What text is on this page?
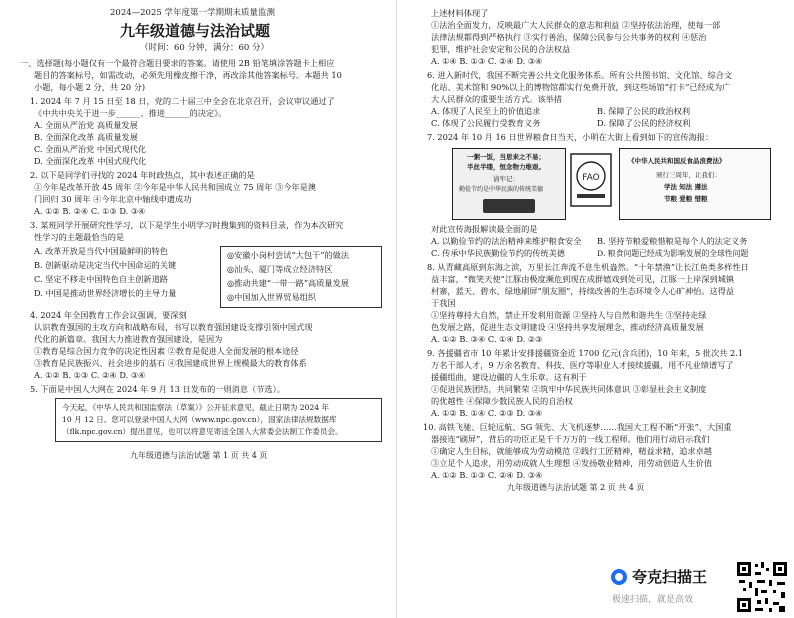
2024—2025 学年度第一学期期末质量监测
九年级道德与法治试题
（时间：60 分钟，满分：60 分）
一、选择题(每小题仅有一个最符合题目要求的答案。请使用 2B 铅笔填涂答题卡上相应
题目的答案标号，如需改动，必须先用橡皮擦干净，再改涂其他答案标号。本题共 10
小题，每小题 2 分，共 20 分)
1. 2024 年 7 月 15 日至 18 日，党的二十届三中全会在北京召开，会议审议通过了
《中共中央关于进一步______、推进______的决定》。
A. 全面从严治党 高质量发展
B. 全面深化改革 高质量发展
C. 全面从严治党 中国式现代化
D. 全面深化改革 中国式现代化
2. 以下是同学们寻找的 2024 年时政热点，其中表述正确的是
①今年是改革开放 45 周年 ②今年是中华人民共和国成立 75 周年 ③今年是澳
门回归 30 周年 ④今年北京中轴线申遗成功
A. ①② B. ②④ C. ①③ D. ③④
3. 某班同学开展研究性学习，以下是学生小明学习时搜集到的资料目录，作为本次研究
性学习的主题最恰当的是
A. 改革开放是当代中国最鲜明的特色
B. 创新驱动是决定当代中国命运的关键
C. 坚定不移走中国特色自主创新道路
D. 中国是推动世界经济增长的主导力量
◎安徽小岗村尝试“大包干”的做法
◎汕头、厦门等成立经济特区
◎推动共建“一带一路”高质量发展
◎中国加入世界贸易组织
4. 2024 年全国教育工作会议强调，要深刻
认识教育强国的主攻方向和战略布局，书写以教育强国建设支撑引领中国式现
代化的新篇章。我国大力推进教育强国建设，是因为
①教育是综合国力竞争的决定性因素 ②教育是促进人全面发展的根本途径
③教育是民族振兴、社会进步的基石 ④我国建成世界上规模最大的教育体系
A. ①② B. ①③ C. ②④ D. ③④
5. 下面是中国人大网在 2024 年 9 月 13 日发布的一则消息（节选）。
今天起，《中华人民共和国监察法（草案）》公开征求意见，截止日期为 2024 年
10 月 12 日。您可以登录中国人大网（www.npc.gov.cn），国家法律法规数据库
（flk.npc.gov.cn）提出意见，也可以将意见寄送全国人大常委会法制工作委员会。
九年级道德与法治试题 第 1 页 共 4 页
上述材料体现了
①法治全面发力，反映最广大人民群众的意志和利益 ②坚持依法治理，使每一部
法律法规都得到严格执行 ③实行善治，保障公民参与公共事务的权利 ④惩治
犯罪，维护社会安定和公民的合法权益
A. ①④ B. ①③ C. ②④ D. ③④
6. 进入新时代，我国不断完善公共文化服务体系。所有公共图书馆、文化馆、综合文
化站、美术馆和 90%以上的博物馆都实行免费开放，到这些场馆“打卡”已经成为广
大人民群众的重要生活方式。该举措
A. 体现了人民至上的价值追求	B. 保障了公民的政治权利
C. 体现了公民履行受教育义务	D. 保障了公民的经济权利
7. 2024 年 10 月 16 日世界粮食日当天，小明在大街上看到如下的宣传海报：
一粥一饭，当思来之不易；
半丝半缕，恒念物力维艰。
请牢记：
勤俭节约是中华民族的传统美德
FAO
《中华人民共和国反食品浪费法》
颁行三周年，让我们：
学法 知法 遵法
节粮 爱粮 惜粮
对此宣传海报解读最全面的是
A. 以勤俭节约的法治精神来维护粮食安全 B. 坚持节粮爱粮惜粮是每个人的法定义务
C. 传承中华民族勤俭节约的传统美德	D. 粮食问题已经成为影响发展的全球性问题
8. 从青藏高原到东海之滨，万里长江奔流不息生机盎然。“十年禁渔”让长江鱼类多样性日
益丰富，“微笑天使”江豚由极度濒危到现在成群嬉戏到处可见，江豚一上岸深到城镇
村寨，蓝天、碧水、绿地刷屏“朋友圈”，持续改善的生态环境令人心旷神怡。这得益
于我国
①坚持尊持大自然，禁止开发利用资源 ②坚持人与自然和谐共生 ③坚持走绿
色发展之路，促进生态文明建设 ④坚持共享发展理念，推动经济高质量发展
A. ①② B. ③④ C. ①④ D. ②③
9. 各援疆省市 10 年累计安排援疆资金近 1700 亿元(含兵团)，10 年来，5 批次共 2.1
万名干部人才，9 万余名教育、科技、医疗等职业人才接续援疆，用不凡业绩谱写了
援疆组曲，建设边疆的人生乐章。这有利于
①促进民族团结，共同繁荣 ②筑牢中华民族共同体意识 ③彰显社会主义制度
的优越性 ④保障少数民族人民的自治权
A. ①② B. ①④ C. ②③ D. ③④
10. 高铁飞驰、巨轮远航、5G 领先、大飞机逐梦……我国大工程不断“开张”、大国重
器接连“刷屏”，背后的功臣正是千千万万的一线工程师。他们用行动启示我们
①确定人生目标，就能够成为劳动模范 ②践行工匠精神，精益求精，追求卓越
③立足个人追求，用劳动成就人生理想 ④发扬敬业精神，用劳动创造人生价值
A. ①② B. ①③ C. ②④ D. ③④
九年级道德与法治试题 第 2 页 共 4 页
夸克扫描王
极速扫描，就是高效
